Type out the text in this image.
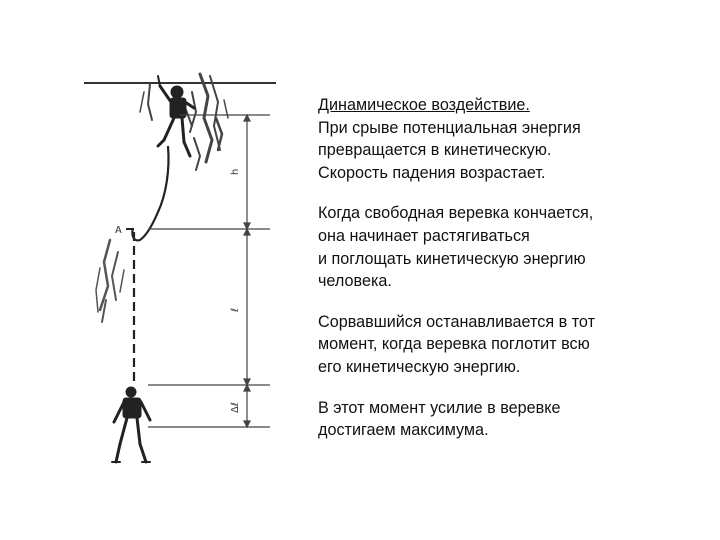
A
h
ℓ
Δℓ

Динамическое воздействие.
При срыве потенциальная энергия
превращается в кинетическую.
Скорость падения возрастает.

Когда свободная веревка кончается,
она начинает растягиваться
и поглощать кинетическую энергию
человека.

Сорвавшийся останавливается в тот
момент, когда веревка поглотит всю
его кинетическую энергию.

В этот момент усилие в веревке
достигаем максимума.
